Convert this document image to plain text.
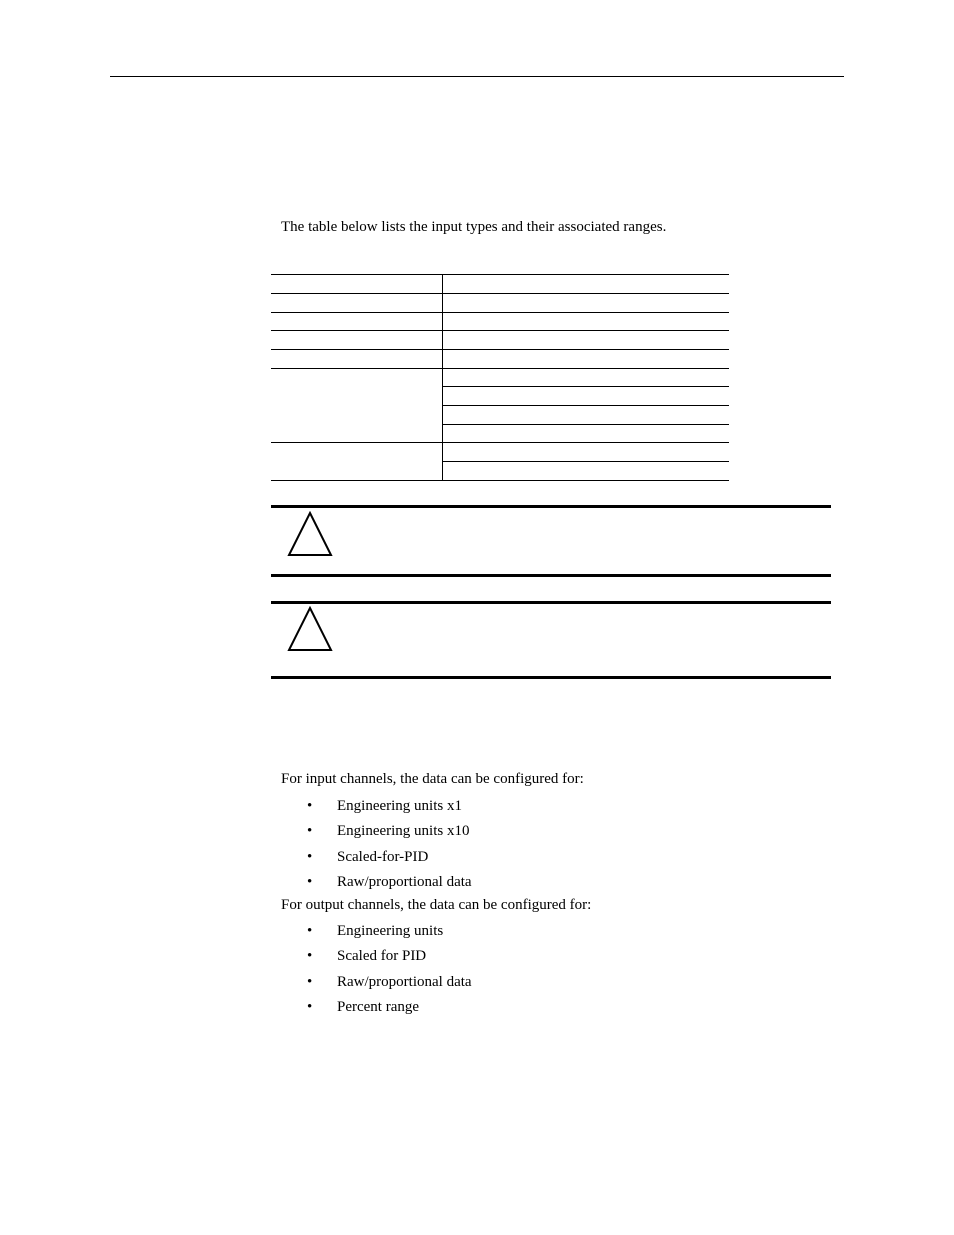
The table below lists the input types and their associated ranges.
For input channels, the data can be configured for:
• Engineering units x1
• Engineering units x10
• Scaled-for-PID
• Raw/proportional data
For output channels, the data can be configured for:
• Engineering units
• Scaled for PID
• Raw/proportional data
• Percent range
